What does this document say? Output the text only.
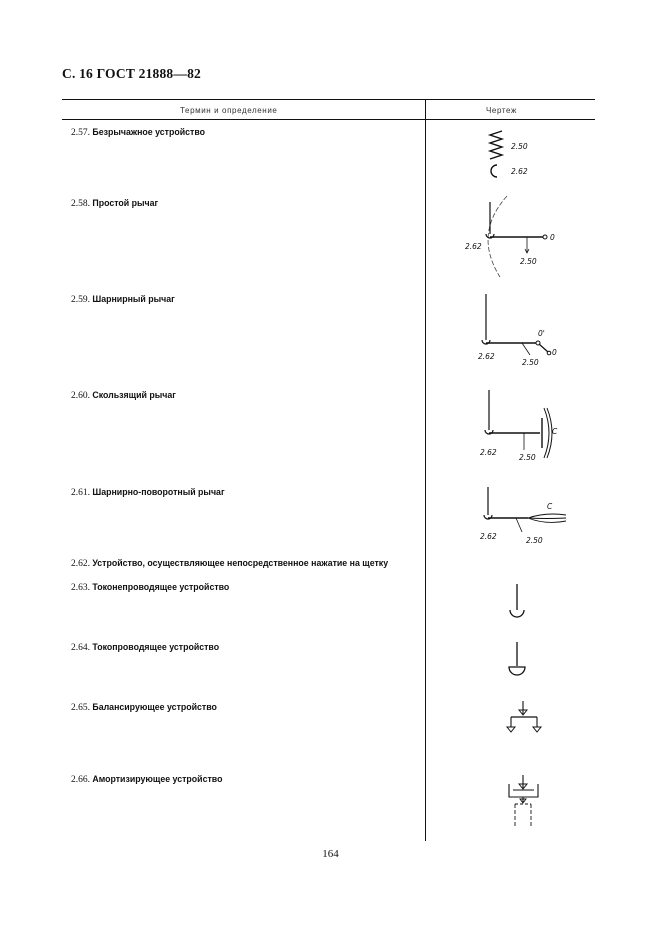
С. 16 ГОСТ 21888—82
Термин и определение	Чертеж
2.57. Безрычажное устройство
2.58. Простой рычаг
2.59. Шарнирный рычаг
2.60. Скользящий рычаг
2.61. Шарнирно-поворотный рычаг
2.62. Устройство, осуществляющее непосредственное нажатие на щетку
2.63. Токонепроводящее устройство
2.64. Токопроводящее устройство
2.65. Балансирующее устройство
2.66. Амортизирующее устройство
2.50
2.62
2.62
2.50
0
0'
0
2.62
2.50
C
2.62
2.50
C
2.62	2.50
164
